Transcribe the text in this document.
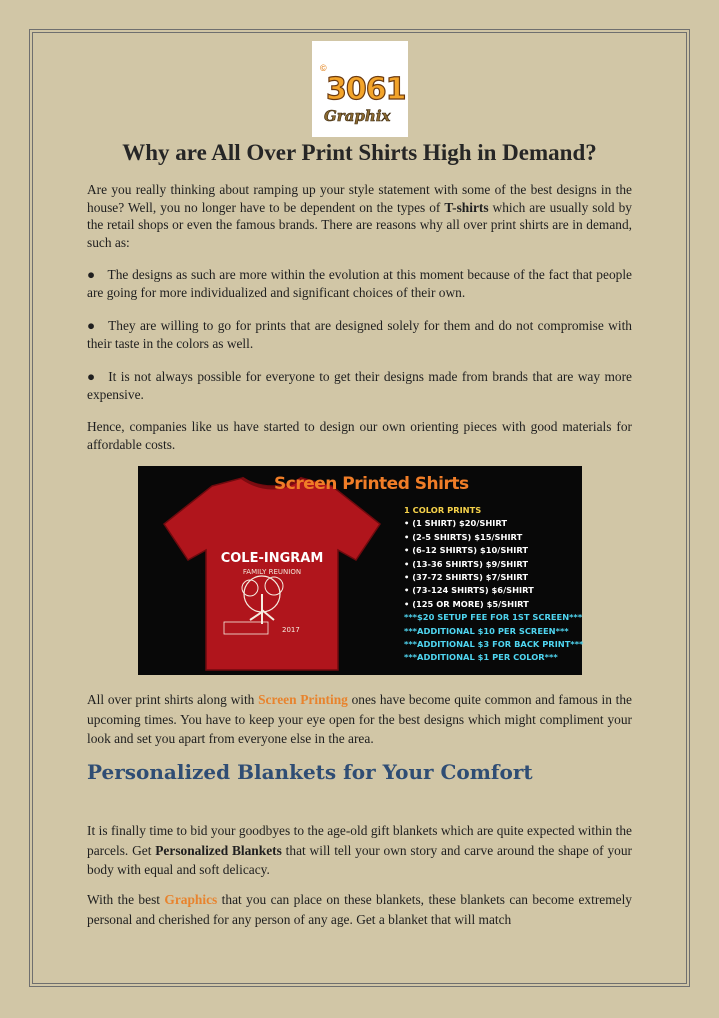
©
3061
Graphix
Why are All Over Print Shirts High in Demand?

Are you really thinking about ramping up your style statement with some of the best designs in the house? Well, you no longer have to be dependent on the types of T-shirts which are usually sold by the retail shops or even the famous brands. There are reasons why all over print shirts are in demand, such as:

● The designs as such are more within the evolution at this moment because of the fact that people are going for more individualized and significant choices of their own.

● They are willing to go for prints that are designed solely for them and do not compromise with their taste in the colors as well.

● It is not always possible for everyone to get their designs made from brands that are way more expensive.

Hence, companies like us have started to design our own orienting pieces with good materials for affordable costs.

COLE-INGRAM
FAMILY REUNION
2017
Screen Printed Shirts
1 COLOR PRINTS
• (1 SHIRT) $20/SHIRT
• (2-5 SHIRTS) $15/SHIRT
• (6-12 SHIRTS) $10/SHIRT
• (13-36 SHIRTS) $9/SHIRT
• (37-72 SHIRTS) $7/SHIRT
• (73-124 SHIRTS) $6/SHIRT
• (125 OR MORE) $5/SHIRT
***$20 SETUP FEE FOR 1ST SCREEN***
***ADDITIONAL $10 PER SCREEN***
***ADDITIONAL $3 FOR BACK PRINT***
***ADDITIONAL $1 PER COLOR***

All over print shirts along with Screen Printing ones have become quite common and famous in the upcoming times. You have to keep your eye open for the best designs which might compliment your look and set you apart from everyone else in the area.

Personalized Blankets for Your Comfort

It is finally time to bid your goodbyes to the age-old gift blankets which are quite expected within the parcels. Get Personalized Blankets that will tell your own story and carve around the shape of your body with equal and soft delicacy.

With the best Graphics that you can place on these blankets, these blankets can become extremely personal and cherished for any person of any age. Get a blanket that will match
